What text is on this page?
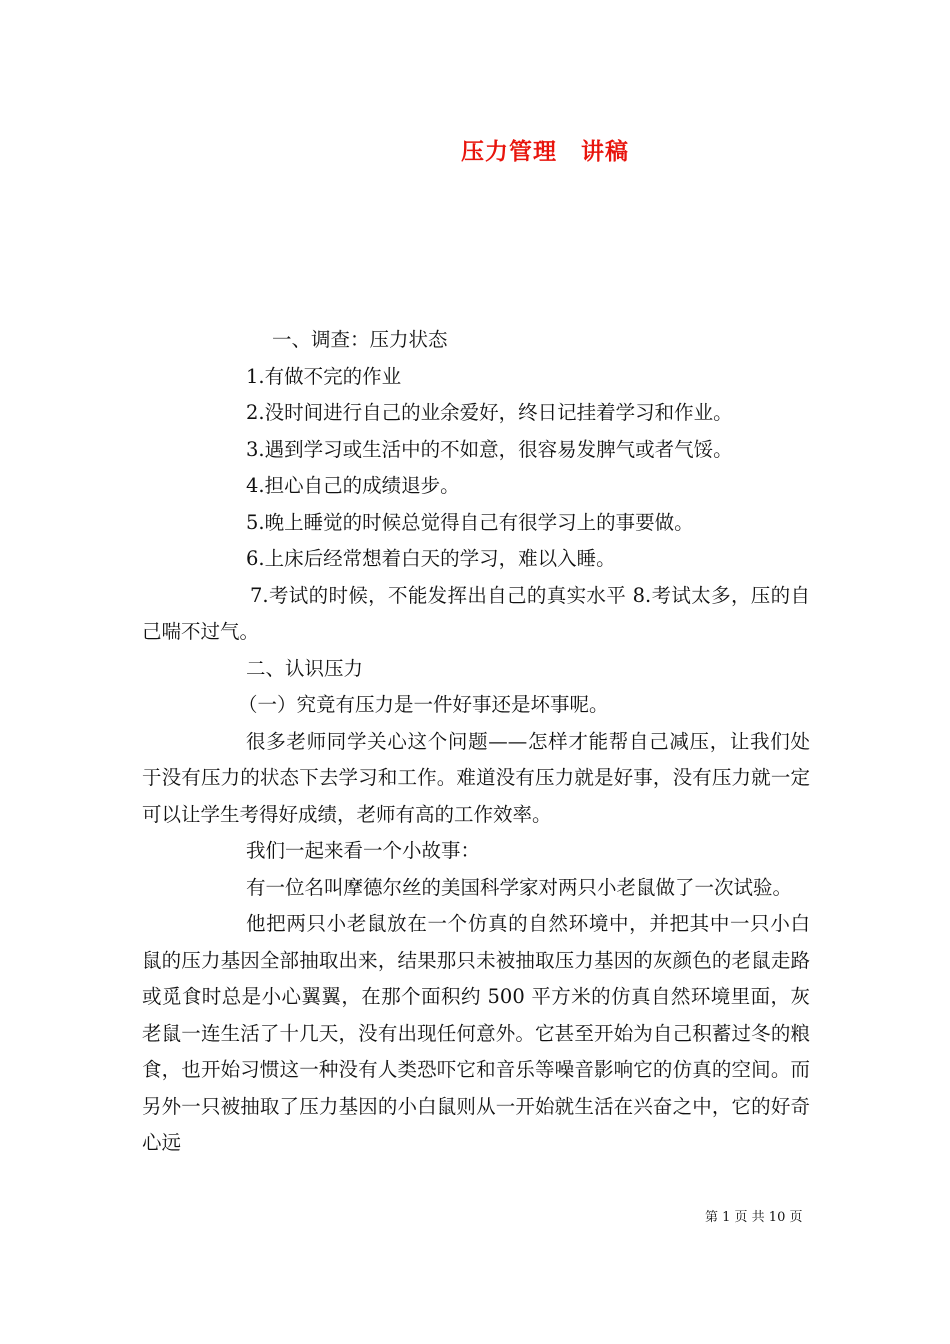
压力管理　讲稿

一、调查：压力状态

1.有做不完的作业

2.没时间进行自己的业余爱好，终日记挂着学习和作业。

3.遇到学习或生活中的不如意，很容易发脾气或者气馁。

4.担心自己的成绩退步。

5.晚上睡觉的时候总觉得自己有很学习上的事要做。

6.上床后经常想着白天的学习，难以入睡。

7.考试的时候，不能发挥出自己的真实水平 8.考试太多，压的自己喘不过气。

二、认识压力

（一）究竟有压力是一件好事还是坏事呢。

很多老师同学关心这个问题——怎样才能帮自己减压，让我们处于没有压力的状态下去学习和工作。难道没有压力就是好事，没有压力就一定可以让学生考得好成绩，老师有高的工作效率。

我们一起来看一个小故事：

有一位名叫摩德尔丝的美国科学家对两只小老鼠做了一次试验。

他把两只小老鼠放在一个仿真的自然环境中，并把其中一只小白鼠的压力基因全部抽取出来，结果那只未被抽取压力基因的灰颜色的老鼠走路或觅食时总是小心翼翼，在那个面积约 500 平方米的仿真自然环境里面，灰老鼠一连生活了十几天，没有出现任何意外。它甚至开始为自己积蓄过冬的粮食，也开始习惯这一种没有人类恐吓它和音乐等噪音影响它的仿真的空间。而另外一只被抽取了压力基因的小白鼠则从一开始就生活在兴奋之中，它的好奇心远

第 1 页 共 10 页
